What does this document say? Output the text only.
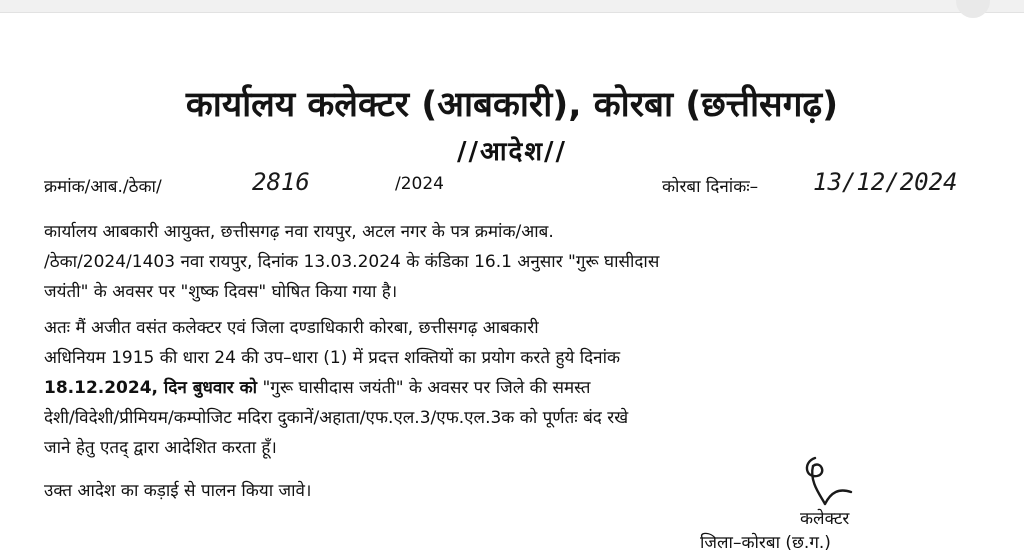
कार्यालय कलेक्टर (आबकारी), कोरबा (छत्तीसगढ़)
//आदेश//
क्रमांक/आब./ठेका/	2816	/2024	कोरबा दिनांकः– 13/12/2024
कार्यालय आबकारी आयुक्त, छत्तीसगढ़ नवा रायपुर, अटल नगर के पत्र क्रमांक/आब.
/ठेका/2024/1403 नवा रायपुर, दिनांक 13.03.2024 के कंडिका 16.1 अनुसार "गुरू घासीदास
जयंती" के अवसर पर "शुष्क दिवस" घोषित किया गया है।
अतः मैं अजीत वसंत कलेक्टर एवं जिला दण्डाधिकारी कोरबा, छत्तीसगढ़ आबकारी
अधिनियम 1915 की धारा 24 की उप–धारा (1) में प्रदत्त शक्तियों का प्रयोग करते हुये दिनांक
18.12.2024, दिन बुधवार को "गुरू घासीदास जयंती" के अवसर पर जिले की समस्त
देशी/विदेशी/प्रीमियम/कम्पोजिट मदिरा दुकानें/अहाता/एफ.एल.3/एफ.एल.3क को पूर्णतः बंद रखे
जाने हेतु एतद् द्वारा आदेशित करता हूँ।
उक्त आदेश का कड़ाई से पालन किया जावे।
कलेक्टर
जिला–कोरबा (छ.ग.)
